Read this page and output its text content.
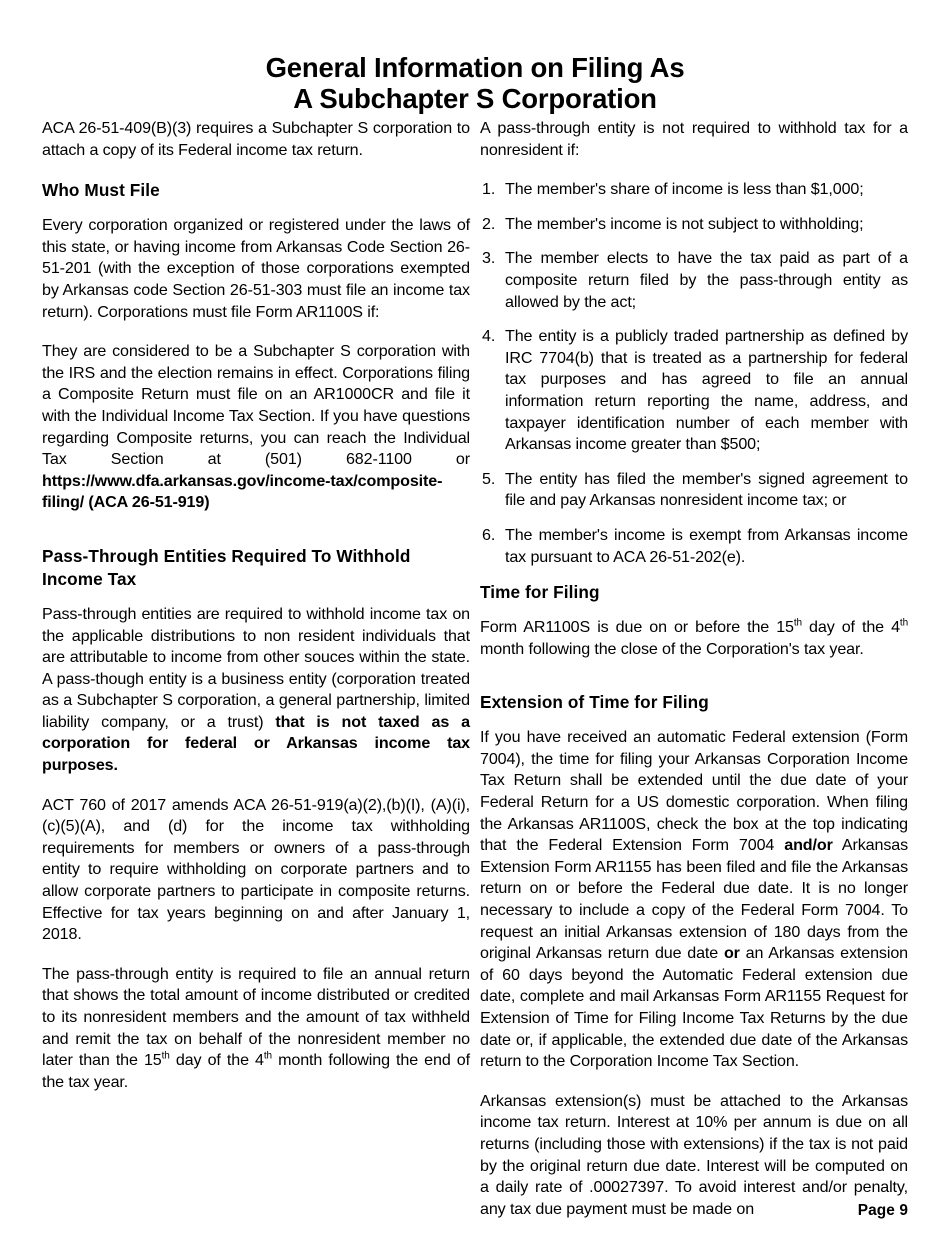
General Information on Filing As
A Subchapter S Corporation

ACA 26-51-409(B)(3) requires a Subchapter S corporation to attach a copy of its Federal income tax return.

Who Must File

Every corporation organized or registered under the laws of this state, or having income from Arkansas Code Section 26-51-201 (with the exception of those corporations exempted by Arkansas code Section 26-51-303 must file an income tax return). Corporations must file Form AR1100S if:

They are considered to be a Subchapter S corporation with the IRS and the election remains in effect. Corporations filing a Composite Return must file on an AR1000CR and file it with the Individual Income Tax Section. If you have questions regarding Composite returns, you can reach the Individual Tax Section at (501) 682-1100 or https://www.dfa.arkansas.gov/income-tax/composite-filing/ (ACA 26-51-919)

Pass-Through Entities Required To Withhold
Income Tax

Pass-through entities are required to withhold income tax on the applicable distributions to non resident individuals that are attributable to income from other souces within the state. A pass-though entity is a business entity (corporation treated as a Subchapter S corporation, a general partnership, limited liability company, or a trust) that is not taxed as a corporation for federal or Arkansas income tax purposes.

ACT 760 of 2017 amends ACA 26-51-919(a)(2),(b)(I), (A)(i), (c)(5)(A), and (d) for the income tax withholding requirements for members or owners of a pass-through entity to require withholding on corporate partners and to allow corporate partners to participate in composite returns. Effective for tax years beginning on and after January 1, 2018.

The pass-through entity is required to file an annual return that shows the total amount of income distributed or credited to its nonresident members and the amount of tax withheld and remit the tax on behalf of the nonresident member no later than the 15th day of the 4th month following the end of the tax year.

A pass-through entity is not required to withhold tax for a nonresident if:

The member's share of income is less than $1,000;
The member's income is not subject to withholding;
The member elects to have the tax paid as part of a composite return filed by the pass-through entity as allowed by the act;
The entity is a publicly traded partnership as defined by IRC 7704(b) that is treated as a partnership for federal tax purposes and has agreed to file an annual information return reporting the name, address, and taxpayer identification number of each member with Arkansas income greater than $500;
The entity has filed the member's signed agreement to file and pay Arkansas nonresident income tax; or
The member's income is exempt from Arkansas income tax pursuant to ACA 26-51-202(e).
Time for Filing

Form AR1100S is due on or before the 15th day of the 4th month following the close of the Corporation's tax year.

Extension of Time for Filing

If you have received an automatic Federal extension (Form 7004), the time for filing your Arkansas Corporation Income Tax Return shall be extended until the due date of your Federal Return for a US domestic corporation. When filing the Arkansas AR1100S, check the box at the top indicating that the Federal Extension Form 7004 and/or Arkansas Extension Form AR1155 has been filed and file the Arkansas return on or before the Federal due date. It is no longer necessary to include a copy of the Federal Form 7004. To request an initial Arkansas extension of 180 days from the original Arkansas return due date or an Arkansas extension of 60 days beyond the Automatic Federal extension due date, complete and mail Arkansas Form AR1155 Request for Extension of Time for Filing Income Tax Returns by the due date or, if applicable, the extended due date of the Arkansas return to the Corporation Income Tax Section.

Arkansas extension(s) must be attached to the Arkansas income tax return. Interest at 10% per annum is due on all returns (including those with extensions) if the tax is not paid by the original return due date. Interest will be computed on a daily rate of .00027397. To avoid interest and/or penalty, any tax due payment must be made on	Page 9
